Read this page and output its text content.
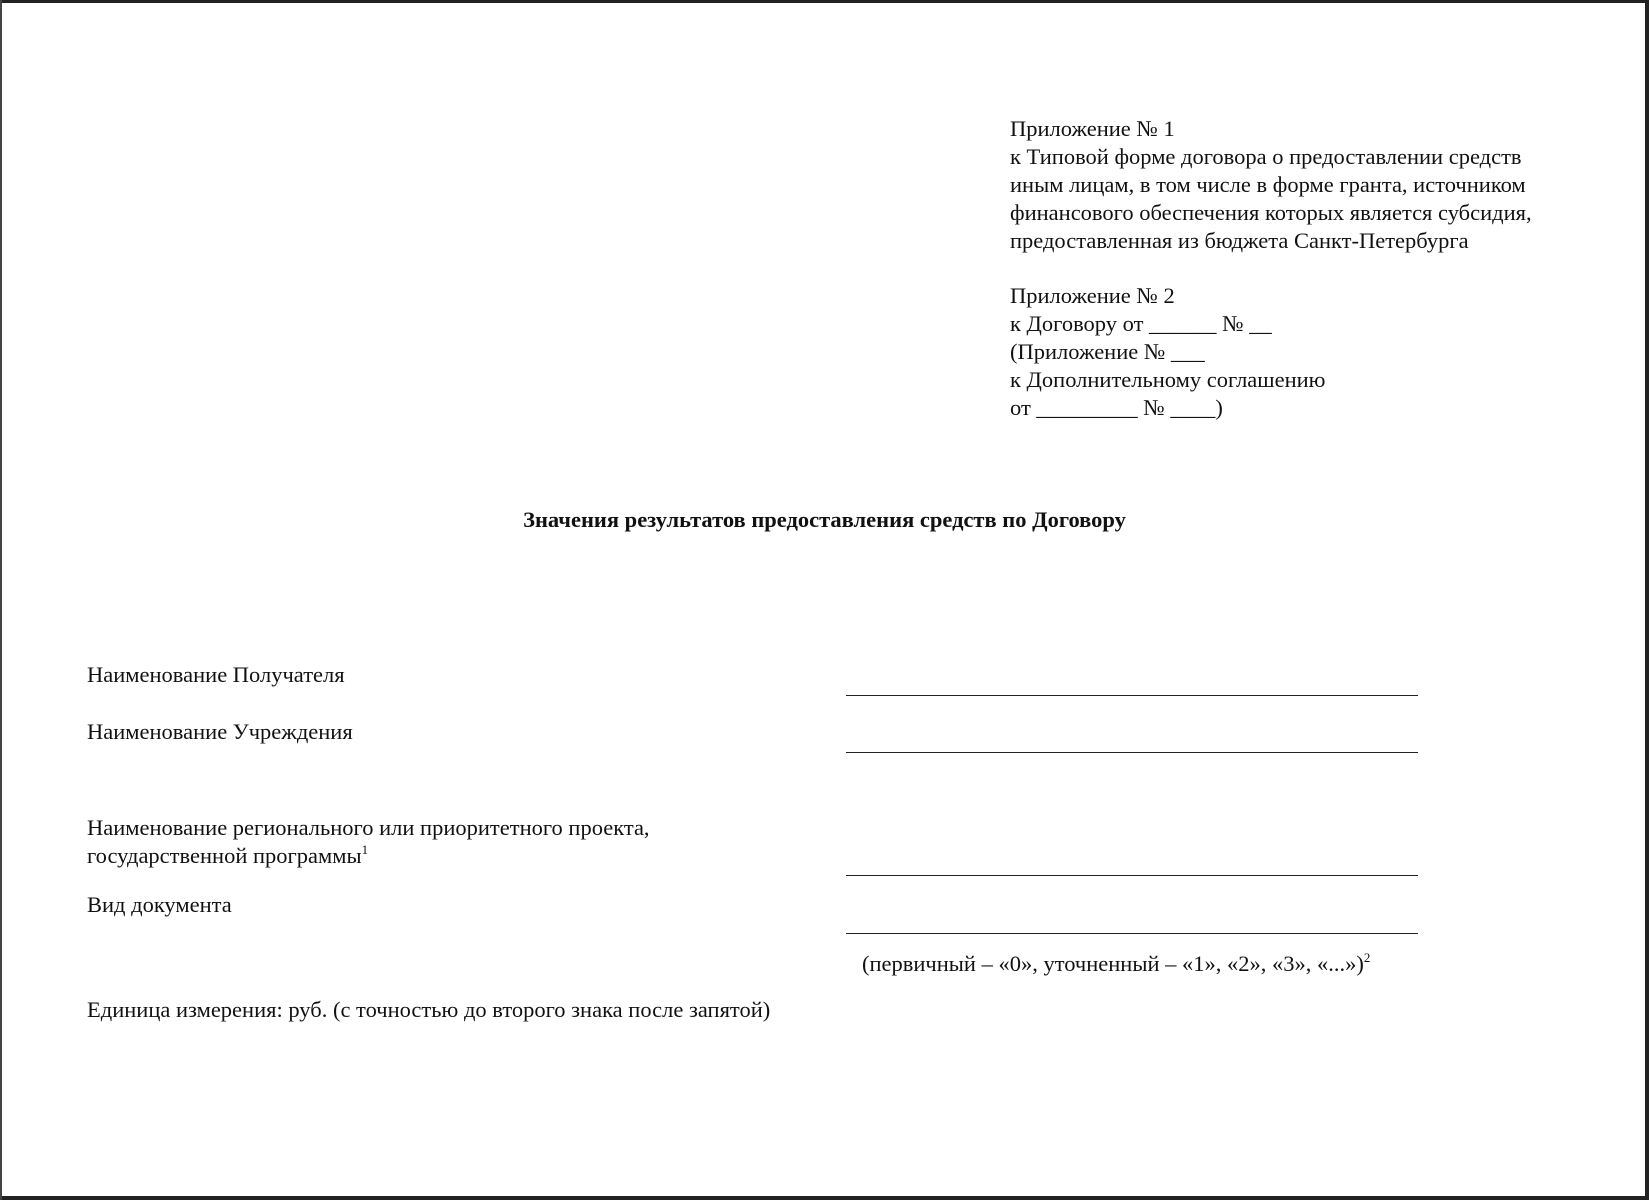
Приложение № 1
к Типовой форме договора о предоставлении средств
иным лицам, в том числе в форме гранта, источником
финансового обеспечения которых является субсидия,
предоставленная из бюджета Санкт-Петербурга
Приложение № 2
к Договору от ______ № __
(Приложение № ___
к Дополнительному соглашению
от _________ № ____)
Значения результатов предоставления средств по Договору
Наименование Получателя
Наименование Учреждения
Наименование регионального или приоритетного проекта,
государственной программы$^1$
Вид документа
(первичный – «0», уточненный – «1», «2», «3», «...»)$^2$
Единица измерения: руб. (с точностью до второго знака после запятой)
